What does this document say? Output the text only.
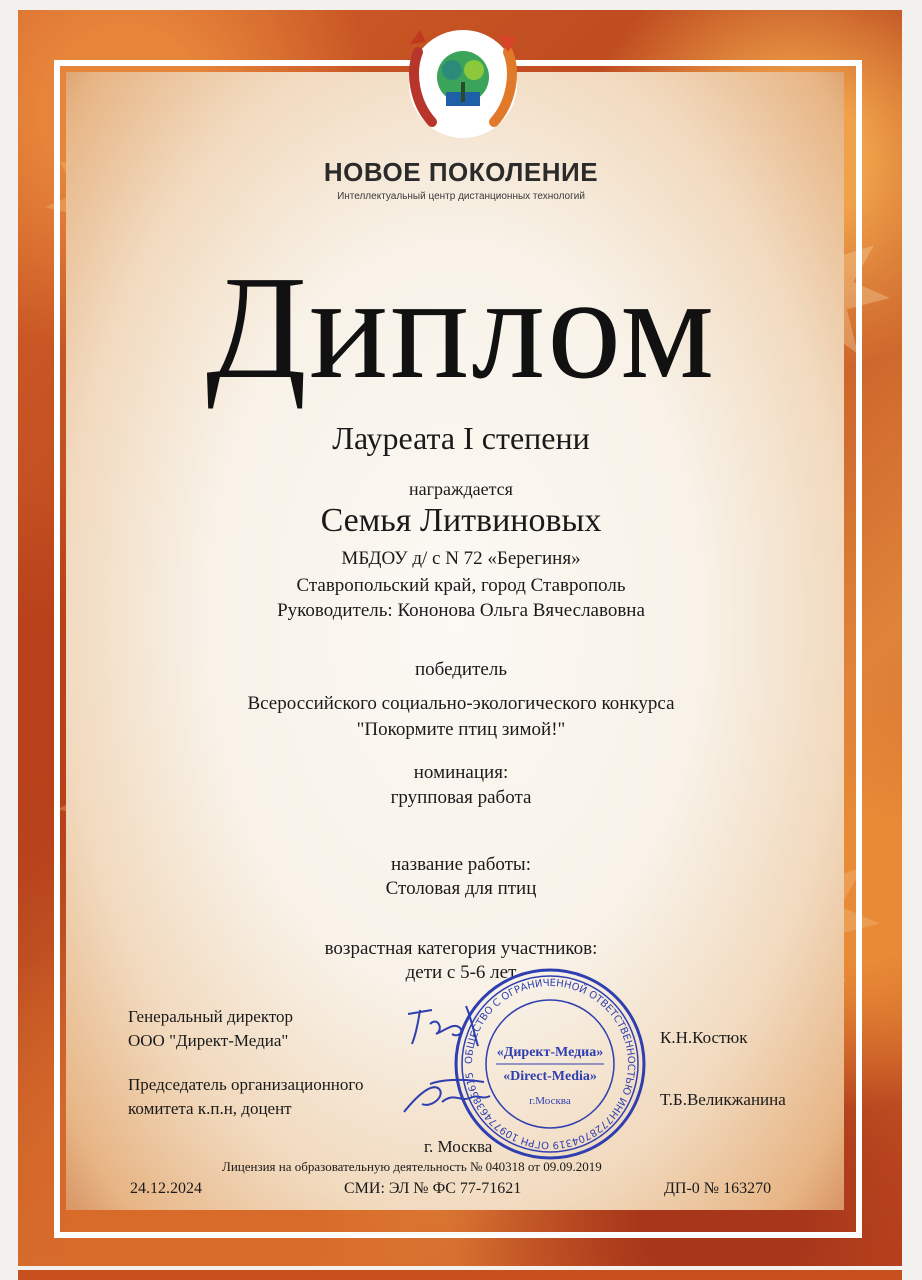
НОВОЕ ПОКОЛЕНИЕ
Интеллектуальный центр дистанционных технологий
Диплом
Лауреата I степени
награждается
Семья Литвиновых
МБДОУ д/ с N 72 «Берегиня»
Ставропольский край, город Ставрополь
Руководитель: Кононова Ольга Вячеславовна
победитель
Всероссийского социально-экологического конкурса
"Покормите птиц зимой!"
номинация:
групповая работа
название работы:
Столовая для птиц
возрастная категория участников:
дети с 5-6 лет
Генеральный директор
ООО "Директ-Медиа"	К.Н.Костюк
Председатель организационного
комитета к.п.н, доцент	Т.Б.Великжанина
ОБЩЕСТВО С ОГРАНИЧЕННОЙ ОТВЕТСТВЕННОСТЬЮ ИНН7728704319 ОГРН 1097746385615
«Директ-Медиа»
«Direct-Media»
г.Москва
г. Москва
Лицензия на образовательную деятельность № 040318 от 09.09.2019
24.12.2024	СМИ: ЭЛ № ФС 77-71621	ДП-0 № 163270
